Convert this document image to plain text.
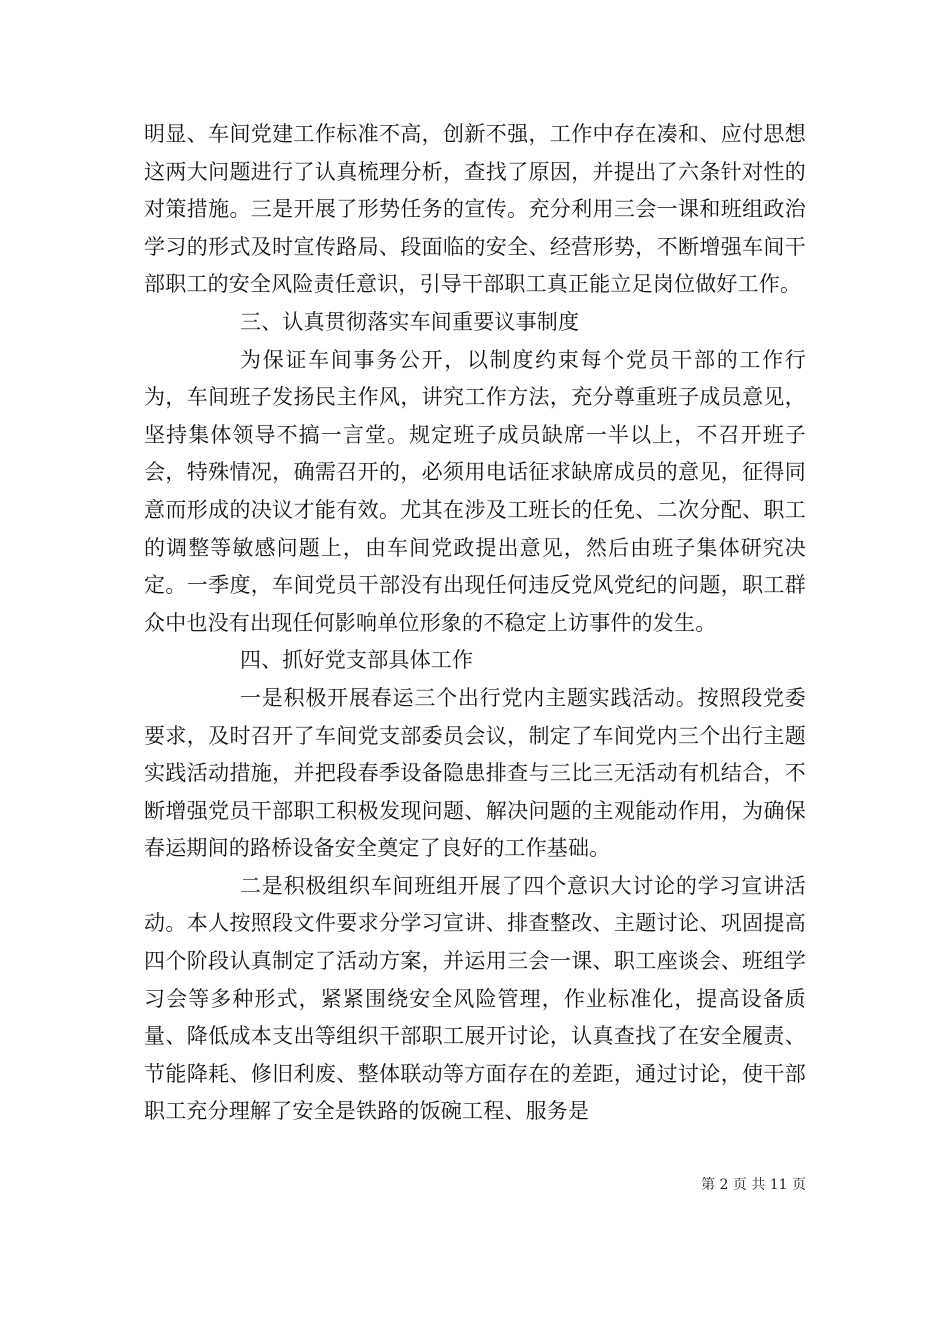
明显、车间党建工作标准不高，创新不强，工作中存在凑和、应付思想这两大问题进行了认真梳理分析，查找了原因，并提出了六条针对性的对策措施。三是开展了形势任务的宣传。充分利用三会一课和班组政治学习的形式及时宣传路局、段面临的安全、经营形势，不断增强车间干部职工的安全风险责任意识，引导干部职工真正能立足岗位做好工作。

三、认真贯彻落实车间重要议事制度

为保证车间事务公开，以制度约束每个党员干部的工作行为，车间班子发扬民主作风，讲究工作方法，充分尊重班子成员意见，坚持集体领导不搞一言堂。规定班子成员缺席一半以上，不召开班子会，特殊情况，确需召开的，必须用电话征求缺席成员的意见，征得同意而形成的决议才能有效。尤其在涉及工班长的任免、二次分配、职工的调整等敏感问题上，由车间党政提出意见，然后由班子集体研究决定。一季度，车间党员干部没有出现任何违反党风党纪的问题，职工群众中也没有出现任何影响单位形象的不稳定上访事件的发生。

四、抓好党支部具体工作

一是积极开展春运三个出行党内主题实践活动。按照段党委要求，及时召开了车间党支部委员会议，制定了车间党内三个出行主题实践活动措施，并把段春季设备隐患排查与三比三无活动有机结合，不断增强党员干部职工积极发现问题、解决问题的主观能动作用，为确保春运期间的路桥设备安全奠定了良好的工作基础。

二是积极组织车间班组开展了四个意识大讨论的学习宣讲活动。本人按照段文件要求分学习宣讲、排查整改、主题讨论、巩固提高四个阶段认真制定了活动方案，并运用三会一课、职工座谈会、班组学习会等多种形式，紧紧围绕安全风险管理，作业标准化，提高设备质量、降低成本支出等组织干部职工展开讨论，认真查找了在安全履责、节能降耗、修旧利废、整体联动等方面存在的差距，通过讨论，使干部职工充分理解了安全是铁路的饭碗工程、服务是

第 2 页 共 11 页
